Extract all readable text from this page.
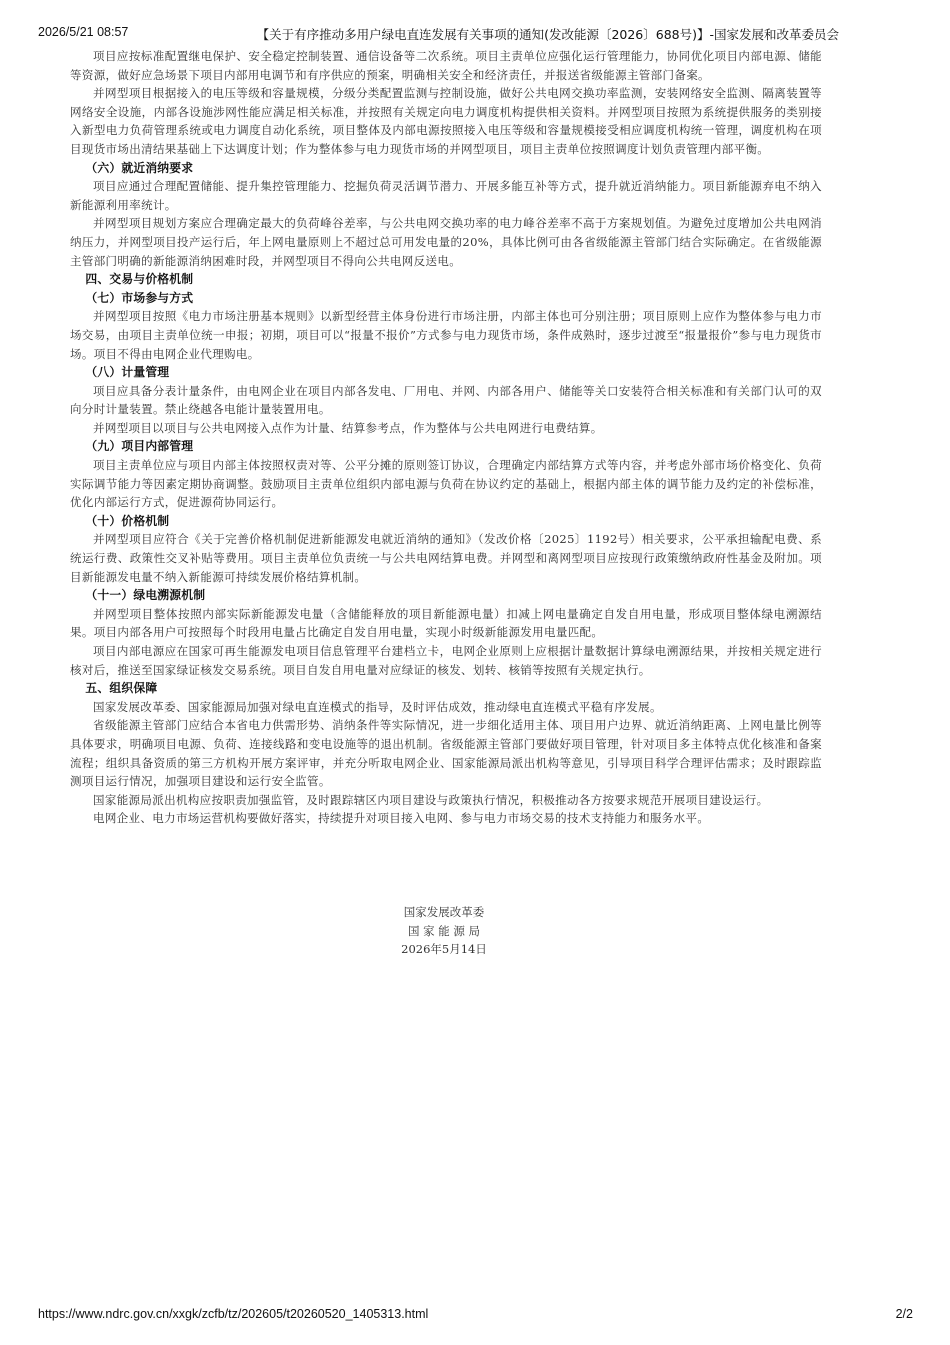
2026/5/21 08:57	【关于有序推动多用户绿电直连发展有关事项的通知(发改能源〔2026〕688号)】-国家发展和改革委员会

项目应按标准配置继电保护、安全稳定控制装置、通信设备等二次系统。项目主责单位应强化运行管理能力，协同优化项目内部电源、储能等资源，做好应急场景下项目内部用电调节和有序供应的预案，明确相关安全和经济责任，并报送省级能源主管部门备案。

并网型项目根据接入的电压等级和容量规模，分级分类配置监测与控制设施，做好公共电网交换功率监测，安装网络安全监测、隔离装置等网络安全设施，内部各设施涉网性能应满足相关标准，并按照有关规定向电力调度机构提供相关资料。并网型项目按照为系统提供服务的类别接入新型电力负荷管理系统或电力调度自动化系统，项目整体及内部电源按照接入电压等级和容量规模接受相应调度机构统一管理，调度机构在项目现货市场出清结果基础上下达调度计划；作为整体参与电力现货市场的并网型项目，项目主责单位按照调度计划负责管理内部平衡。

（六）就近消纳要求

项目应通过合理配置储能、提升集控管理能力、挖掘负荷灵活调节潜力、开展多能互补等方式，提升就近消纳能力。项目新能源弃电不纳入新能源利用率统计。

并网型项目规划方案应合理确定最大的负荷峰谷差率，与公共电网交换功率的电力峰谷差率不高于方案规划值。为避免过度增加公共电网消纳压力，并网型项目投产运行后，年上网电量原则上不超过总可用发电量的20%，具体比例可由各省级能源主管部门结合实际确定。在省级能源主管部门明确的新能源消纳困难时段，并网型项目不得向公共电网反送电。

四、交易与价格机制

（七）市场参与方式

并网型项目按照《电力市场注册基本规则》以新型经营主体身份进行市场注册，内部主体也可分别注册；项目原则上应作为整体参与电力市场交易，由项目主责单位统一申报；初期，项目可以“报量不报价”方式参与电力现货市场，条件成熟时，逐步过渡至“报量报价”参与电力现货市场。项目不得由电网企业代理购电。

（八）计量管理

项目应具备分表计量条件，由电网企业在项目内部各发电、厂用电、并网、内部各用户、储能等关口安装符合相关标准和有关部门认可的双向分时计量装置。禁止绕越各电能计量装置用电。

并网型项目以项目与公共电网接入点作为计量、结算参考点，作为整体与公共电网进行电费结算。

（九）项目内部管理

项目主责单位应与项目内部主体按照权责对等、公平分摊的原则签订协议，合理确定内部结算方式等内容，并考虑外部市场价格变化、负荷实际调节能力等因素定期协商调整。鼓励项目主责单位组织内部电源与负荷在协议约定的基础上，根据内部主体的调节能力及约定的补偿标准，优化内部运行方式，促进源荷协同运行。

（十）价格机制

并网型项目应符合《关于完善价格机制促进新能源发电就近消纳的通知》（发改价格〔2025〕1192号）相关要求，公平承担输配电费、系统运行费、政策性交叉补贴等费用。项目主责单位负责统一与公共电网结算电费。并网型和离网型项目应按现行政策缴纳政府性基金及附加。项目新能源发电量不纳入新能源可持续发展价格结算机制。

（十一）绿电溯源机制

并网型项目整体按照内部实际新能源发电量（含储能释放的项目新能源电量）扣减上网电量确定自发自用电量，形成项目整体绿电溯源结果。项目内部各用户可按照每个时段用电量占比确定自发自用电量，实现小时级新能源发用电量匹配。

项目内部电源应在国家可再生能源发电项目信息管理平台建档立卡，电网企业原则上应根据计量数据计算绿电溯源结果，并按相关规定进行核对后，推送至国家绿证核发交易系统。项目自发自用电量对应绿证的核发、划转、核销等按照有关规定执行。

五、组织保障

国家发展改革委、国家能源局加强对绿电直连模式的指导，及时评估成效，推动绿电直连模式平稳有序发展。

省级能源主管部门应结合本省电力供需形势、消纳条件等实际情况，进一步细化适用主体、项目用户边界、就近消纳距离、上网电量比例等具体要求，明确项目电源、负荷、连接线路和变电设施等的退出机制。省级能源主管部门要做好项目管理，针对项目多主体特点优化核准和备案流程；组织具备资质的第三方机构开展方案评审，并充分听取电网企业、国家能源局派出机构等意见，引导项目科学合理评估需求；及时跟踪监测项目运行情况，加强项目建设和运行安全监管。

国家能源局派出机构应按职责加强监管，及时跟踪辖区内项目建设与政策执行情况，积极推动各方按要求规范开展项目建设运行。

电网企业、电力市场运营机构要做好落实，持续提升对项目接入电网、参与电力市场交易的技术支持能力和服务水平。

国家发展改革委
国 家 能 源 局
2026年5月14日
https://www.ndrc.gov.cn/xxgk/zcfb/tz/202605/t20260520_1405313.html	2/2
